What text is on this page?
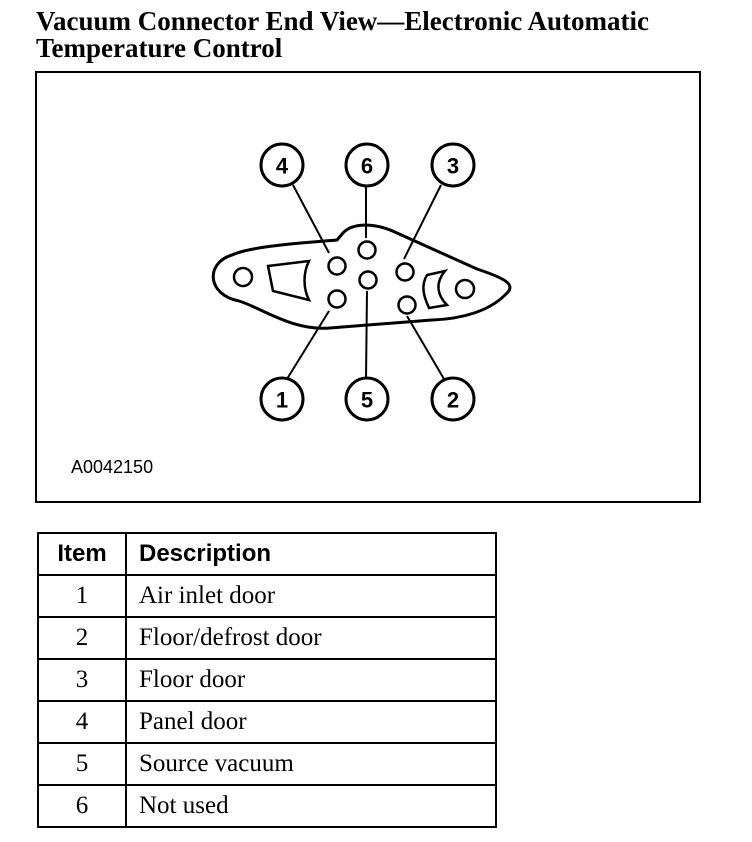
Vacuum Connector End View—Electronic Automatic Temperature Control
4	6	3
1	5	2
A0042150
Item	Description
1	Air inlet door
2	Floor/defrost door
3	Floor door
4	Panel door
5	Source vacuum
6	Not used
